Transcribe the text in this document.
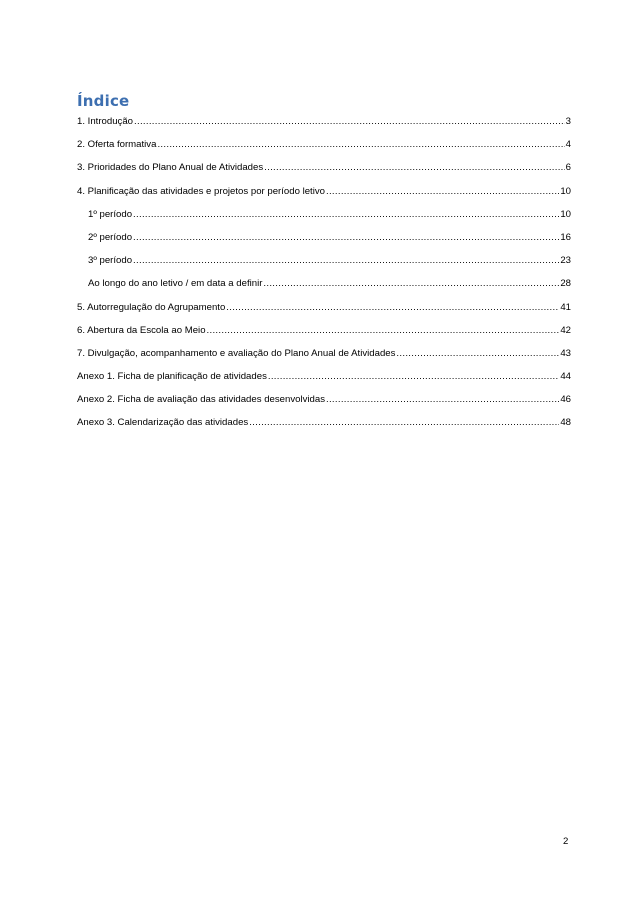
Índice
1. Introdução .....	3
2. Oferta formativa .....	4
3. Prioridades do Plano Anual de Atividades .....	6
4. Planificação das atividades e projetos por período letivo .....	10
1º período .....	10
2º período .....	16
3º período .....	23
Ao longo do ano letivo / em data a definir .....	28
5. Autorregulação do Agrupamento .....	41
6. Abertura da Escola ao Meio .....	42
7. Divulgação, acompanhamento e avaliação do Plano Anual de Atividades .....	43
Anexo 1. Ficha de planificação de atividades .....	44
Anexo 2. Ficha de avaliação das atividades desenvolvidas .....	46
Anexo 3. Calendarização das atividades .....	48
2
